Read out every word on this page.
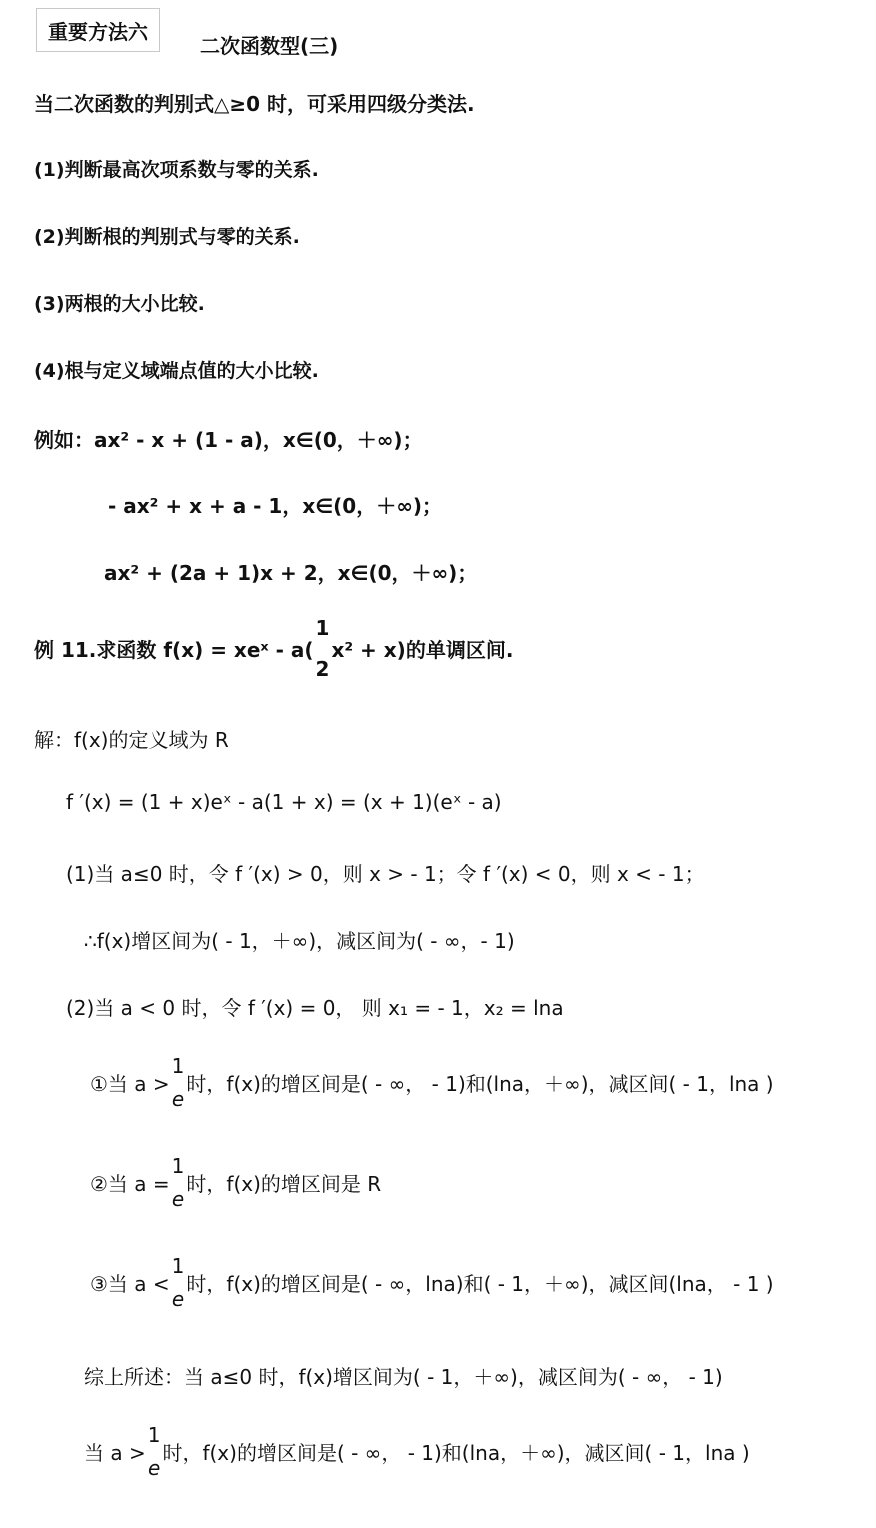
重要方法六
二次函数型(三)
当二次函数的判别式△≥0 时，可采用四级分类法.
(1)判断最高次项系数与零的关系.
(2)判断根的判别式与零的关系.
(3)两根的大小比较.
(4)根与定义域端点值的大小比较.
例如：ax² - x + (1 - a)，x∈(0，＋∞)；
- ax² + x + a - 1，x∈(0，＋∞)；
ax² + (2a + 1)x + 2，x∈(0，＋∞)；
例 11.求函数 f(x) = xeˣ - a(
1
2
x² + x)的单调区间.
解：f(x)的定义域为 R
f ′(x) = (1 + x)eˣ - a(1 + x) = (x + 1)(eˣ - a)
(1)当 a≤0 时，令 f ′(x) > 0，则 x > - 1；令 f ′(x) < 0，则 x < - 1；
∴f(x)增区间为( - 1，＋∞)，减区间为( - ∞，- 1)
(2)当 a < 0 时，令 f ′(x) = 0， 则 x₁ = - 1，x₂ = lna
①当 a >
1
e
时，f(x)的增区间是( - ∞， - 1)和(lna，＋∞)，减区间( - 1，lna )
②当 a =
1
e
时，f(x)的增区间是 R
③当 a <
1
e
时，f(x)的增区间是( - ∞，lna)和( - 1，＋∞)，减区间(lna， - 1 )
综上所述：当 a≤0 时，f(x)增区间为( - 1，＋∞)，减区间为( - ∞， - 1)
当 a >
1
e
时，f(x)的增区间是( - ∞， - 1)和(lna，＋∞)，减区间( - 1，lna )
